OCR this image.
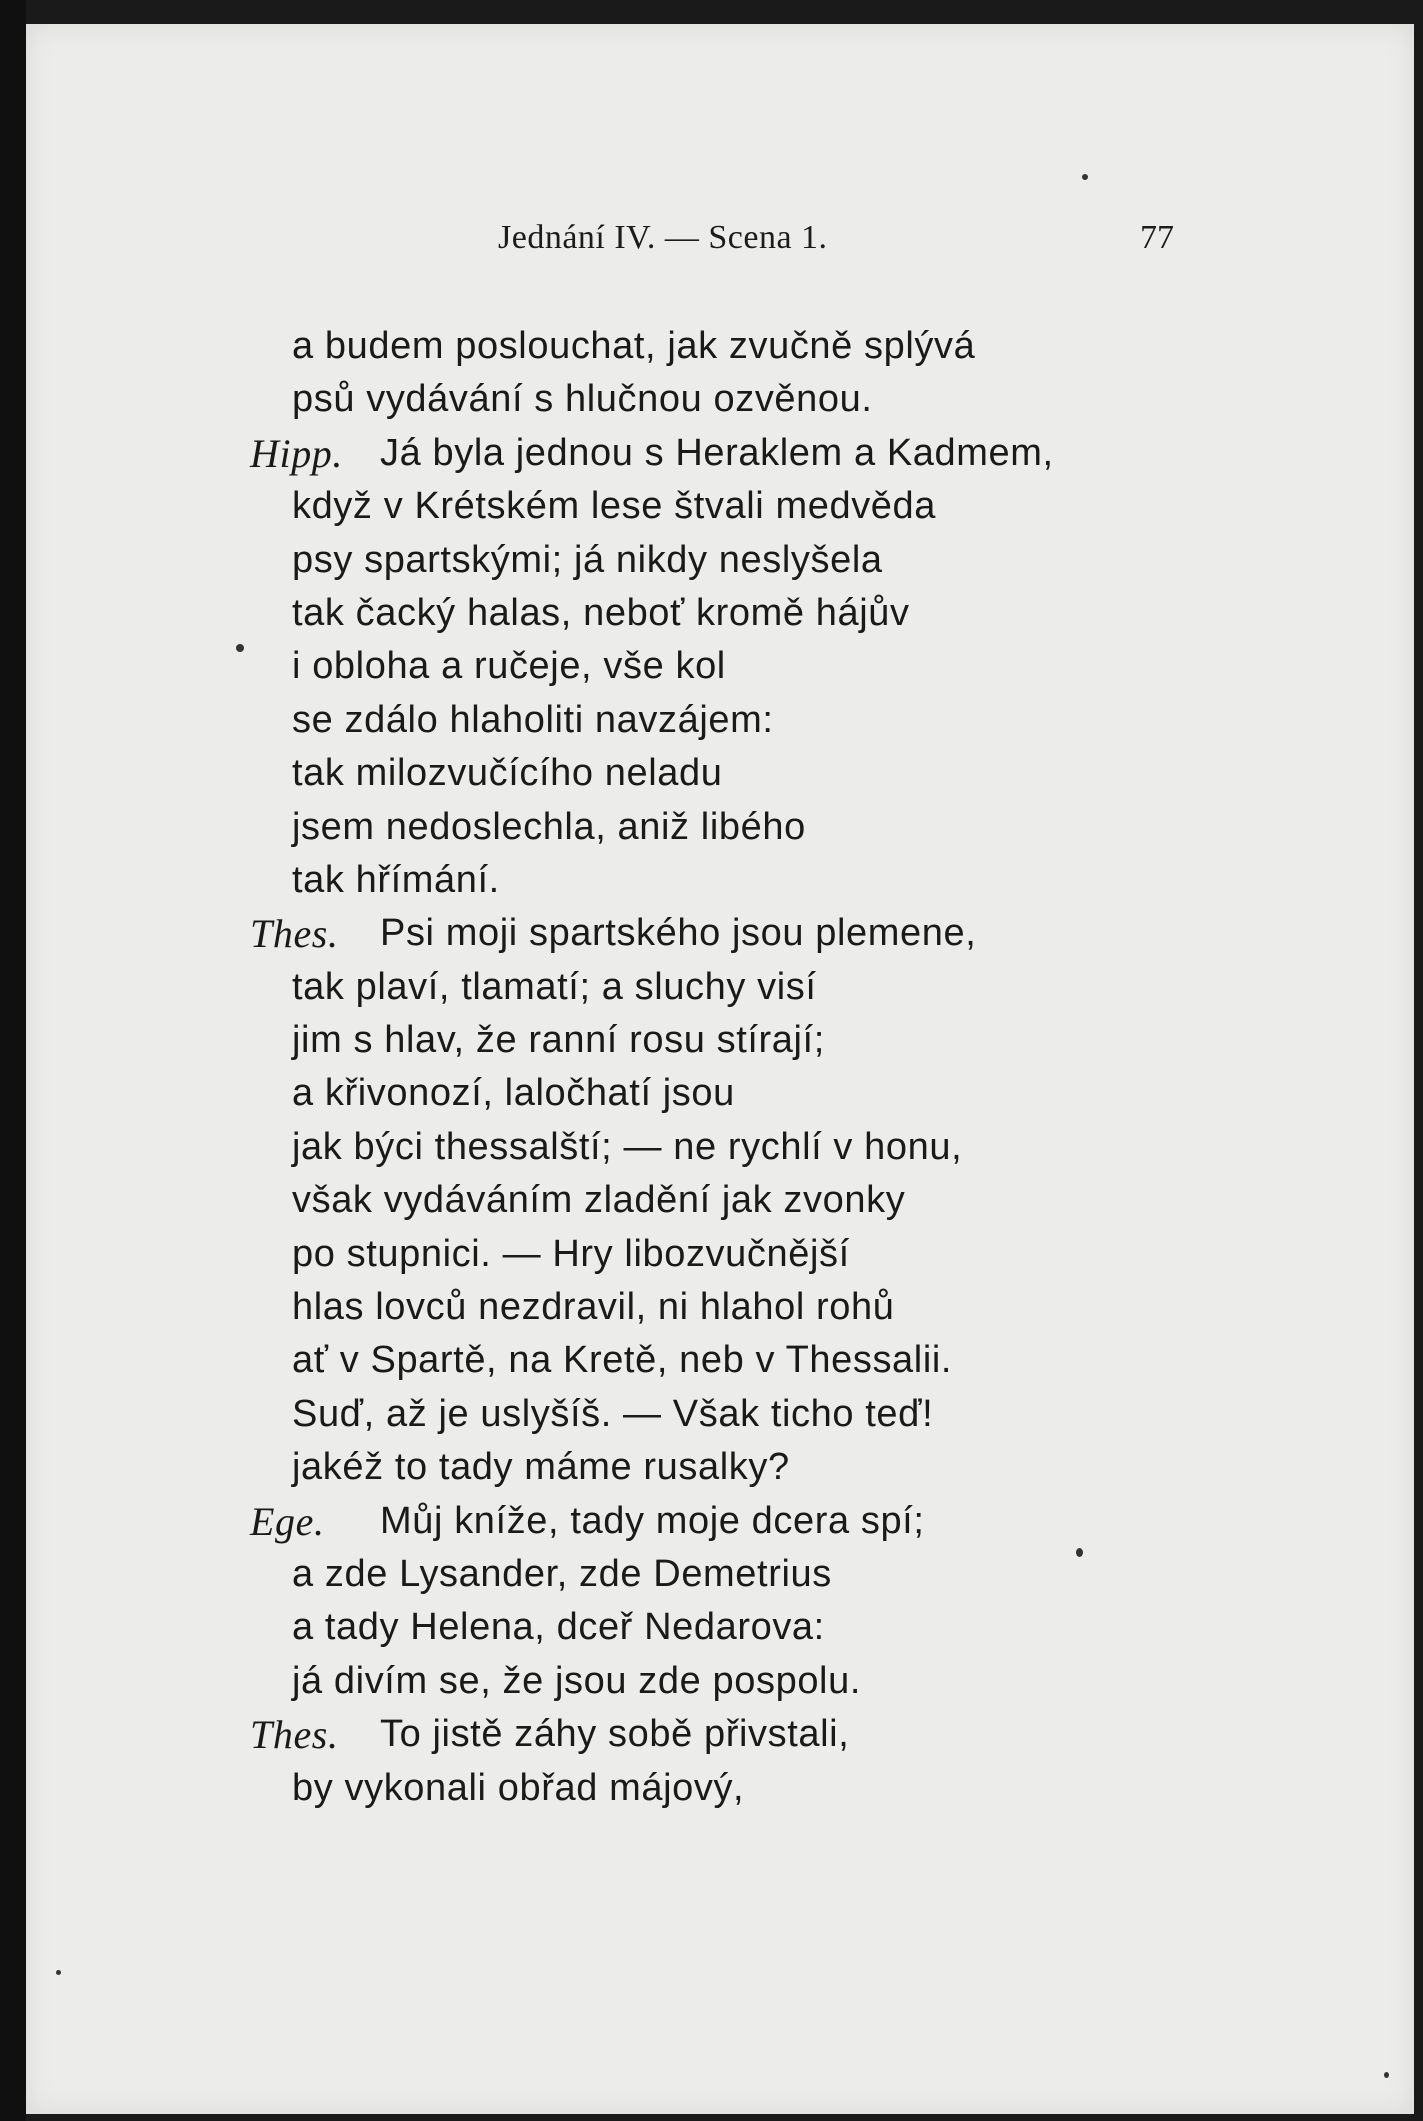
Jednání IV. — Scena 1.	77
a budem poslouchat, jak zvučně splývá
psů vydávání s hlučnou ozvěnou.
Hipp. Já byla jednou s Heraklem a Kadmem,
když v Krétském lese štvali medvěda
psy spartskými; já nikdy neslyšela
tak čacký halas, neboť kromě hájův
i obloha a ručeje, vše kol
se zdálo hlaholiti navzájem:
tak milozvučícího neladu
jsem nedoslechla, aniž libého
tak hřímání.
Thes. Psi moji spartského jsou plemene,
tak plaví, tlamatí; a sluchy visí
jim s hlav, že ranní rosu stírají;
a křivonozí, laločhatí jsou
jak býci thessalští; — ne rychlí v honu,
však vydáváním zladění jak zvonky
po stupnici. — Hry libozvučnější
hlas lovců nezdravil, ni hlahol rohů
ať v Spartě, na Kretě, neb v Thessalii.
Suď, až je uslyšíš. — Však ticho teď!
jakéž to tady máme rusalky?
Ege. Můj kníže, tady moje dcera spí;
a zde Lysander, zde Demetrius
a tady Helena, dceř Nedarova:
já divím se, že jsou zde pospolu.
Thes. To jistě záhy sobě přivstali,
by vykonali obřad májový,
